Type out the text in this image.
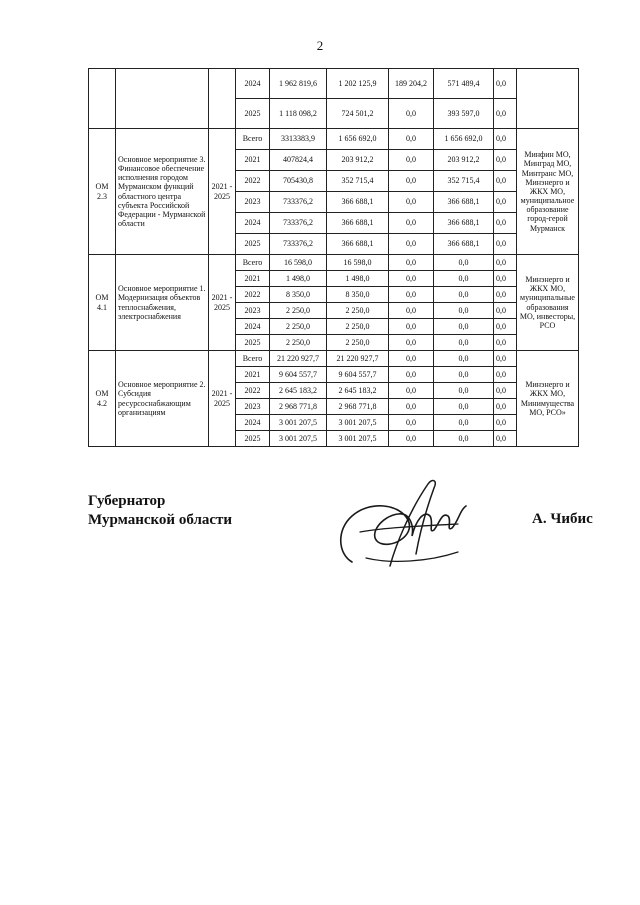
2
			2024	1 962 819,6	1 202 125,9	189 204,2	571 489,4	0,0	
			2025	1 118 098,2	724 501,2	0,0	393 597,0	0,0	
ОМ 2.3	Основное мероприятие 3. Финансовое обеспечение исполнения городом Мурманском функций областного центра субъекта Российской Федерации - Мурманской области	2021 - 2025	Всего	3313383,9	1 656 692,0	0,0	1 656 692,0	0,0	Минфин МО, Минград МО, Минтранс МО, Минэнерго и ЖКХ МО, муниципальное образование город-герой Мурманск
			2021	407824,4	203 912,2	0,0	203 912,2	0,0	
			2022	705430,8	352 715,4	0,0	352 715,4	0,0	
			2023	733376,2	366 688,1	0,0	366 688,1	0,0	
			2024	733376,2	366 688,1	0,0	366 688,1	0,0	
			2025	733376,2	366 688,1	0,0	366 688,1	0,0	
ОМ 4.1	Основное мероприятие 1. Модернизация объектов теплоснабжения, электроснабжения	2021 - 2025	Всего	16 598,0	16 598,0	0,0	0,0	0,0	Минэнерго и ЖКХ МО, муниципальные образования МО, инвесторы, РСО
			2021	1 498,0	1 498,0	0,0	0,0	0,0	
			2022	8 350,0	8 350,0	0,0	0,0	0,0	
			2023	2 250,0	2 250,0	0,0	0,0	0,0	
			2024	2 250,0	2 250,0	0,0	0,0	0,0	
			2025	2 250,0	2 250,0	0,0	0,0	0,0	
ОМ 4.2	Основное мероприятие 2. Субсидия ресурсоснабжающим организациям	2021 - 2025	Всего	21 220 927,7	21 220 927,7	0,0	0,0	0,0	Минэнерго и ЖКХ МО, Минимущества МО, РСО»
			2021	9 604 557,7	9 604 557,7	0,0	0,0	0,0	
			2022	2 645 183,2	2 645 183,2	0,0	0,0	0,0	
			2023	2 968 771,8	2 968 771,8	0,0	0,0	0,0	
			2024	3 001 207,5	3 001 207,5	0,0	0,0	0,0	
			2025	3 001 207,5	3 001 207,5	0,0	0,0	0,0	
Губернатор
Мурманской области	А. Чибис
